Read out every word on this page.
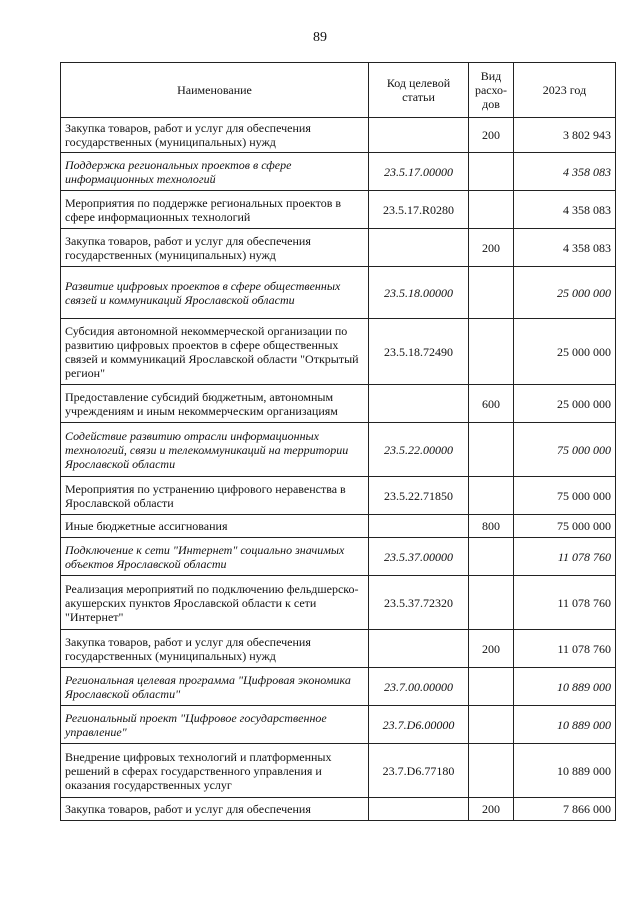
89
Наименование	Код целевой статьи	Вид расхо-дов	2023 год
Закупка товаров, работ и услуг для обеспечения государственных (муниципальных) нужд		200	3 802 943
Поддержка региональных проектов в сфере информационных технологий	23.5.17.00000		4 358 083
Мероприятия по поддержке региональных проектов в сфере информационных технологий	23.5.17.R0280		4 358 083
Закупка товаров, работ и услуг для обеспечения государственных (муниципальных) нужд		200	4 358 083
Развитие цифровых проектов в сфере общественных связей и коммуникаций Ярославской области	23.5.18.00000		25 000 000
Субсидия автономной некоммерческой организации по развитию цифровых проектов в сфере общественных связей и коммуникаций Ярославской области "Открытый регион"	23.5.18.72490		25 000 000
Предоставление субсидий бюджетным, автономным учреждениям и иным некоммерческим организациям		600	25 000 000
Содействие развитию отрасли информационных технологий, связи и телекоммуникаций на территории Ярославской области	23.5.22.00000		75 000 000
Мероприятия по устранению цифрового неравенства в Ярославской области	23.5.22.71850		75 000 000
Иные бюджетные ассигнования		800	75 000 000
Подключение к сети "Интернет" социально значимых объектов Ярославской области	23.5.37.00000		11 078 760
Реализация мероприятий по подключению фельдшерско-акушерских пунктов Ярославской области к сети "Интернет"	23.5.37.72320		11 078 760
Закупка товаров, работ и услуг для обеспечения государственных (муниципальных) нужд		200	11 078 760
Региональная целевая программа "Цифровая экономика Ярославской области"	23.7.00.00000		10 889 000
Региональный проект "Цифровое государственное управление"	23.7.D6.00000		10 889 000
Внедрение цифровых технологий и платформенных решений в сферах государственного управления и оказания государственных услуг	23.7.D6.77180		10 889 000
Закупка товаров, работ и услуг для обеспечения		200	7 866 000
